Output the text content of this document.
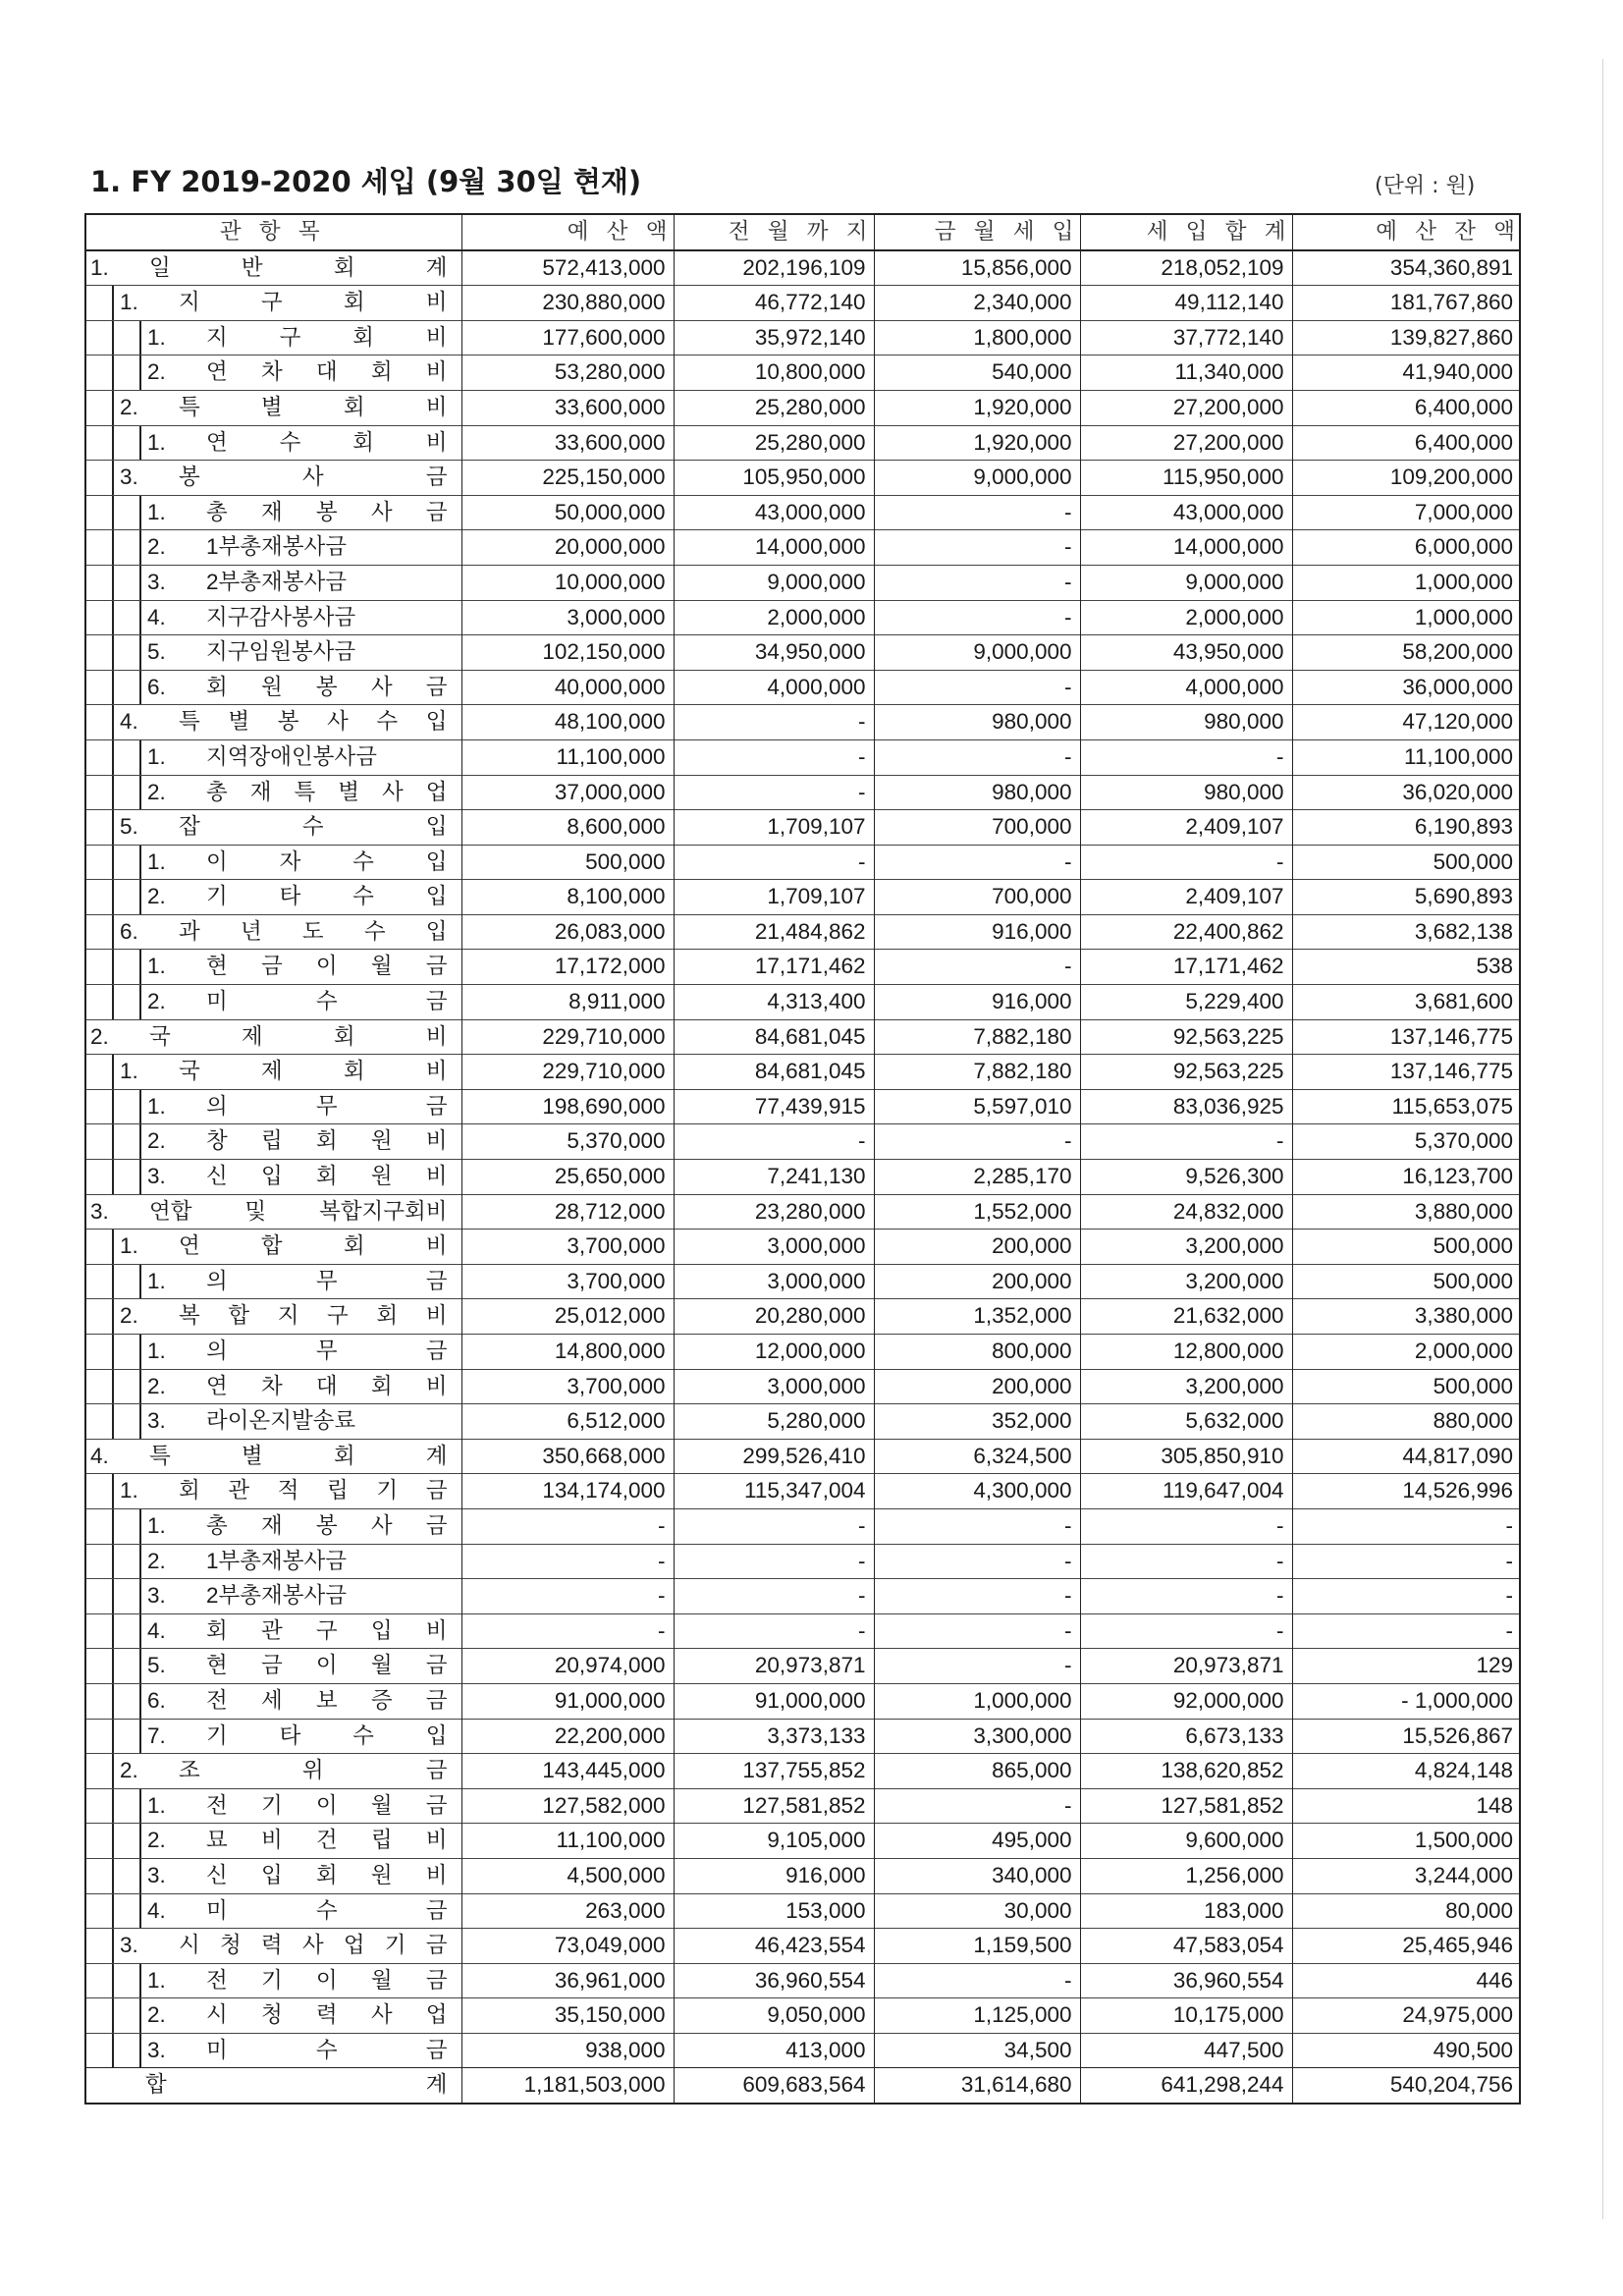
1. FY 2019-2020 세입 (9월 30일 현재)	(단위 : 원)
관 항 목	예 산 액	전 월 까 지	금 월 세 입	세 입 합 계	예 산 잔 액

1. 일 반 회 계	572,413,000	202,196,109	15,856,000	218,052,109	354,360,891

1. 지 구 회 비	230,880,000	46,772,140	2,340,000	49,112,140	181,767,860

1. 지 구 회 비	177,600,000	35,972,140	1,800,000	37,772,140	139,827,860

2. 연 차 대 회 비	53,280,000	10,800,000	540,000	11,340,000	41,940,000

2. 특 별 회 비	33,600,000	25,280,000	1,920,000	27,200,000	6,400,000

1. 연 수 회 비	33,600,000	25,280,000	1,920,000	27,200,000	6,400,000

3. 봉 사 금	225,150,000	105,950,000	9,000,000	115,950,000	109,200,000

1. 총 재 봉 사 금	50,000,000	43,000,000	-	43,000,000	7,000,000

2. 1부총재봉사금	20,000,000	14,000,000	-	14,000,000	6,000,000

3. 2부총재봉사금	10,000,000	9,000,000	-	9,000,000	1,000,000

4. 지구감사봉사금	3,000,000	2,000,000	-	2,000,000	1,000,000

5. 지구임원봉사금	102,150,000	34,950,000	9,000,000	43,950,000	58,200,000

6. 회 원 봉 사 금	40,000,000	4,000,000	-	4,000,000	36,000,000

4. 특 별 봉 사 수 입	48,100,000	-	980,000	980,000	47,120,000

1. 지역장애인봉사금	11,100,000	-	-	-	11,100,000

2. 총 재 특 별 사 업	37,000,000	-	980,000	980,000	36,020,000

5. 잡 수 입	8,600,000	1,709,107	700,000	2,409,107	6,190,893

1. 이 자 수 입	500,000	-	-	-	500,000

2. 기 타 수 입	8,100,000	1,709,107	700,000	2,409,107	5,690,893

6. 과 년 도 수 입	26,083,000	21,484,862	916,000	22,400,862	3,682,138

1. 현 금 이 월 금	17,172,000	17,171,462	-	17,171,462	538

2. 미 수 금	8,911,000	4,313,400	916,000	5,229,400	3,681,600

2. 국 제 회 비	229,710,000	84,681,045	7,882,180	92,563,225	137,146,775

1. 국 제 회 비	229,710,000	84,681,045	7,882,180	92,563,225	137,146,775

1. 의 무 금	198,690,000	77,439,915	5,597,010	83,036,925	115,653,075

2. 창 립 회 원 비	5,370,000	-	-	-	5,370,000

3. 신 입 회 원 비	25,650,000	7,241,130	2,285,170	9,526,300	16,123,700

3. 연합 및 복합지구회비	28,712,000	23,280,000	1,552,000	24,832,000	3,880,000

1. 연 합 회 비	3,700,000	3,000,000	200,000	3,200,000	500,000

1. 의 무 금	3,700,000	3,000,000	200,000	3,200,000	500,000

2. 복 합 지 구 회 비	25,012,000	20,280,000	1,352,000	21,632,000	3,380,000

1. 의 무 금	14,800,000	12,000,000	800,000	12,800,000	2,000,000

2. 연 차 대 회 비	3,700,000	3,000,000	200,000	3,200,000	500,000

3. 라이온지발송료	6,512,000	5,280,000	352,000	5,632,000	880,000

4. 특 별 회 계	350,668,000	299,526,410	6,324,500	305,850,910	44,817,090

1. 회 관 적 립 기 금	134,174,000	115,347,004	4,300,000	119,647,004	14,526,996

1. 총 재 봉 사 금	-	-	-	-	-

2. 1부총재봉사금	-	-	-	-	-

3. 2부총재봉사금	-	-	-	-	-

4. 회 관 구 입 비	-	-	-	-	-

5. 현 금 이 월 금	20,974,000	20,973,871	-	20,973,871	129

6. 전 세 보 증 금	91,000,000	91,000,000	1,000,000	92,000,000	- 1,000,000

7. 기 타 수 입	22,200,000	3,373,133	3,300,000	6,673,133	15,526,867

2. 조 위 금	143,445,000	137,755,852	865,000	138,620,852	4,824,148

1. 전 기 이 월 금	127,582,000	127,581,852	-	127,581,852	148

2. 묘 비 건 립 비	11,100,000	9,105,000	495,000	9,600,000	1,500,000

3. 신 입 회 원 비	4,500,000	916,000	340,000	1,256,000	3,244,000

4. 미 수 금	263,000	153,000	30,000	183,000	80,000

3. 시 청 력 사 업 기 금	73,049,000	46,423,554	1,159,500	47,583,054	25,465,946

1. 전 기 이 월 금	36,961,000	36,960,554	-	36,960,554	446

2. 시 청 력 사 업	35,150,000	9,050,000	1,125,000	10,175,000	24,975,000

3. 미 수 금	938,000	413,000	34,500	447,500	490,500

합 계	1,181,503,000	609,683,564	31,614,680	641,298,244	540,204,756
